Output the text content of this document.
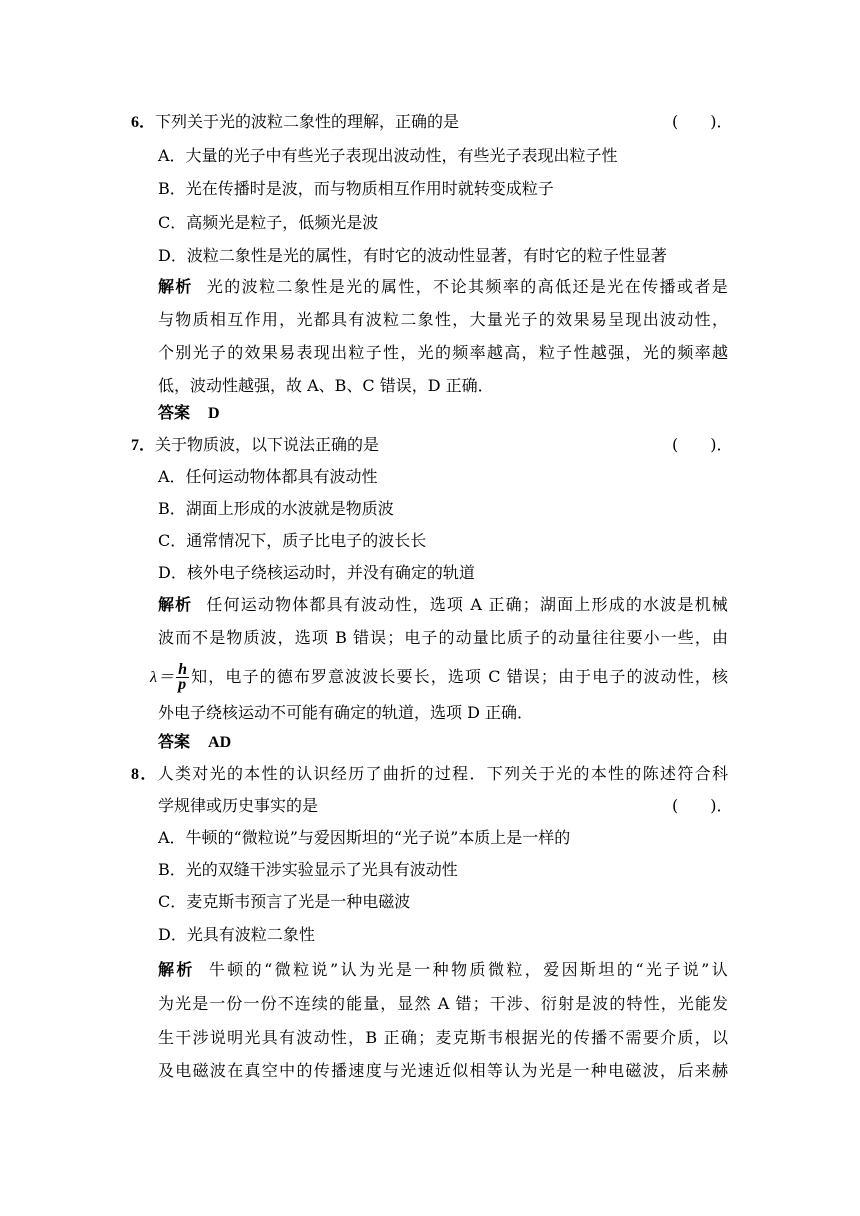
6．下列关于光的波粒二象性的理解，正确的是	(　　)．
A．大量的光子中有些光子表现出波动性，有些光子表现出粒子性
B．光在传播时是波，而与物质相互作用时就转变成粒子
C．高频光是粒子，低频光是波
D．波粒二象性是光的属性，有时它的波动性显著，有时它的粒子性显著
解析 光的波粒二象性是光的属性，不论其频率的高低还是光在传播或者是
与物质相互作用，光都具有波粒二象性，大量光子的效果易呈现出波动性，
个别光子的效果易表现出粒子性，光的频率越高，粒子性越强，光的频率越
低，波动性越强，故 A、B、C 错误，D 正确．
答案 D
7．关于物质波，以下说法正确的是	(　　)．
A．任何运动物体都具有波动性
B．湖面上形成的水波就是物质波
C．通常情况下，质子比电子的波长长
D．核外电子绕核运动时，并没有确定的轨道
解析 任何运动物体都具有波动性，选项 A 正确；湖面上形成的水波是机械
波而不是物质波，选项 B 错误；电子的动量比质子的动量往往要小一些，由
$\lambda= \frac{h}{p}$ 知，电子的德布罗意波波长要长，选项 C 错误；由于电子的波动性，核
外电子绕核运动不可能有确定的轨道，选项 D 正确．
答案 AD
8．人类对光的本性的认识经历了曲折的过程．下列关于光的本性的陈述符合科
学规律或历史事实的是	(　　)．
A．牛顿的“微粒说”与爱因斯坦的“光子说”本质上是一样的
B．光的双缝干涉实验显示了光具有波动性
C．麦克斯韦预言了光是一种电磁波
D．光具有波粒二象性
解析 牛顿的“微粒说”认为光是一种物质微粒，爱因斯坦的“光子说”认
为光是一份一份不连续的能量，显然 A 错；干涉、衍射是波的特性，光能发
生干涉说明光具有波动性，B 正确；麦克斯韦根据光的传播不需要介质，以
及电磁波在真空中的传播速度与光速近似相等认为光是一种电磁波，后来赫
